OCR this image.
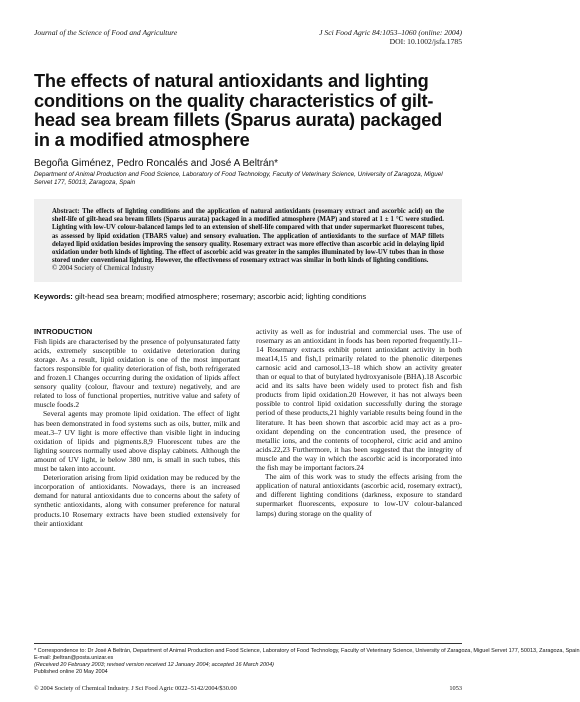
Journal of the Science of Food and Agriculture	J Sci Food Agric 84:1053–1060 (online: 2004)
DOI: 10.1002/jsfa.1785
The effects of natural antioxidants and lighting conditions on the quality characteristics of gilt-head sea bream fillets (Sparus aurata) packaged in a modified atmosphere
Begoña Giménez, Pedro Roncalés and José A Beltrán*
Department of Animal Production and Food Science, Laboratory of Food Technology, Faculty of Veterinary Science, University of Zaragoza, Miguel Servet 177, 50013, Zaragoza, Spain
Abstract: The effects of lighting conditions and the application of natural antioxidants (rosemary extract and ascorbic acid) on the shelf-life of gilt-head sea bream fillets (Sparus aurata) packaged in a modified atmosphere (MAP) and stored at 1 ± 1 °C were studied. Lighting with low-UV colour-balanced lamps led to an extension of shelf-life compared with that under supermarket fluorescent tubes, as assessed by lipid oxidation (TBARS value) and sensory evaluation. The application of antioxidants to the surface of MAP fillets delayed lipid oxidation besides improving the sensory quality. Rosemary extract was more effective than ascorbic acid in delaying lipid oxidation under both kinds of lighting. The effect of ascorbic acid was greater in the samples illuminated by low-UV tubes than in those stored under conventional lighting. However, the effectiveness of rosemary extract was similar in both kinds of lighting conditions.
© 2004 Society of Chemical Industry
Keywords: gilt-head sea bream; modified atmosphere; rosemary; ascorbic acid; lighting conditions
INTRODUCTION

Fish lipids are characterised by the presence of polyunsaturated fatty acids, extremely susceptible to oxidative deterioration during storage. As a result, lipid oxidation is one of the most important factors responsible for quality deterioration of fish, both refrigerated and frozen.1 Changes occurring during the oxidation of lipids affect sensory quality (colour, flavour and texture) negatively, and are related to loss of functional properties, nutritive value and safety of muscle foods.2

Several agents may promote lipid oxidation. The effect of light has been demonstrated in food systems such as oils, butter, milk and meat.3–7 UV light is more effective than visible light in inducing oxidation of lipids and pigments.8,9 Fluorescent tubes are the lighting sources normally used above display cabinets. Although the amount of UV light, ie below 380 nm, is small in such tubes, this must be taken into account.

Deterioration arising from lipid oxidation may be reduced by the incorporation of antioxidants. Nowadays, there is an increased demand for natural antioxidants due to concerns about the safety of synthetic antioxidants, along with consumer preference for natural products.10 Rosemary extracts have been studied extensively for their antioxidant

activity as well as for industrial and commercial uses. The use of rosemary as an antioxidant in foods has been reported frequently.11–14 Rosemary extracts exhibit potent antioxidant activity in both meat14,15 and fish,1 primarily related to the phenolic diterpenes carnosic acid and carnosol,13–18 which show an activity greater than or equal to that of butylated hydroxyanisole (BHA).18 Ascorbic acid and its salts have been widely used to protect fish and fish products from lipid oxidation.20 However, it has not always been possible to control lipid oxidation successfully during the storage period of these products,21 highly variable results being found in the literature. It has been shown that ascorbic acid may act as a pro-oxidant depending on the concentration used, the presence of metallic ions, and the contents of tocopherol, citric acid and amino acids.22,23 Furthermore, it has been suggested that the integrity of muscle and the way in which the ascorbic acid is incorporated into the fish may be important factors.24

The aim of this work was to study the effects arising from the application of natural antioxidants (ascorbic acid, rosemary extract), and different lighting conditions (darkness, exposure to standard supermarket fluorescents, exposure to low-UV colour-balanced lamps) during storage on the quality of

* Correspondence to: Dr José A Beltrán, Department of Animal Production and Food Science, Laboratory of Food Technology, Faculty of Veterinary Science, University of Zaragoza, Miguel Servet 177, 50013, Zaragoza, Spain
E-mail: jbeltran@posta.unizar.es
(Received 20 February 2003; revised version received 12 January 2004; accepted 16 March 2004)
Published online 20 May 2004
© 2004 Society of Chemical Industry. J Sci Food Agric 0022–5142/2004/$30.00	1053
